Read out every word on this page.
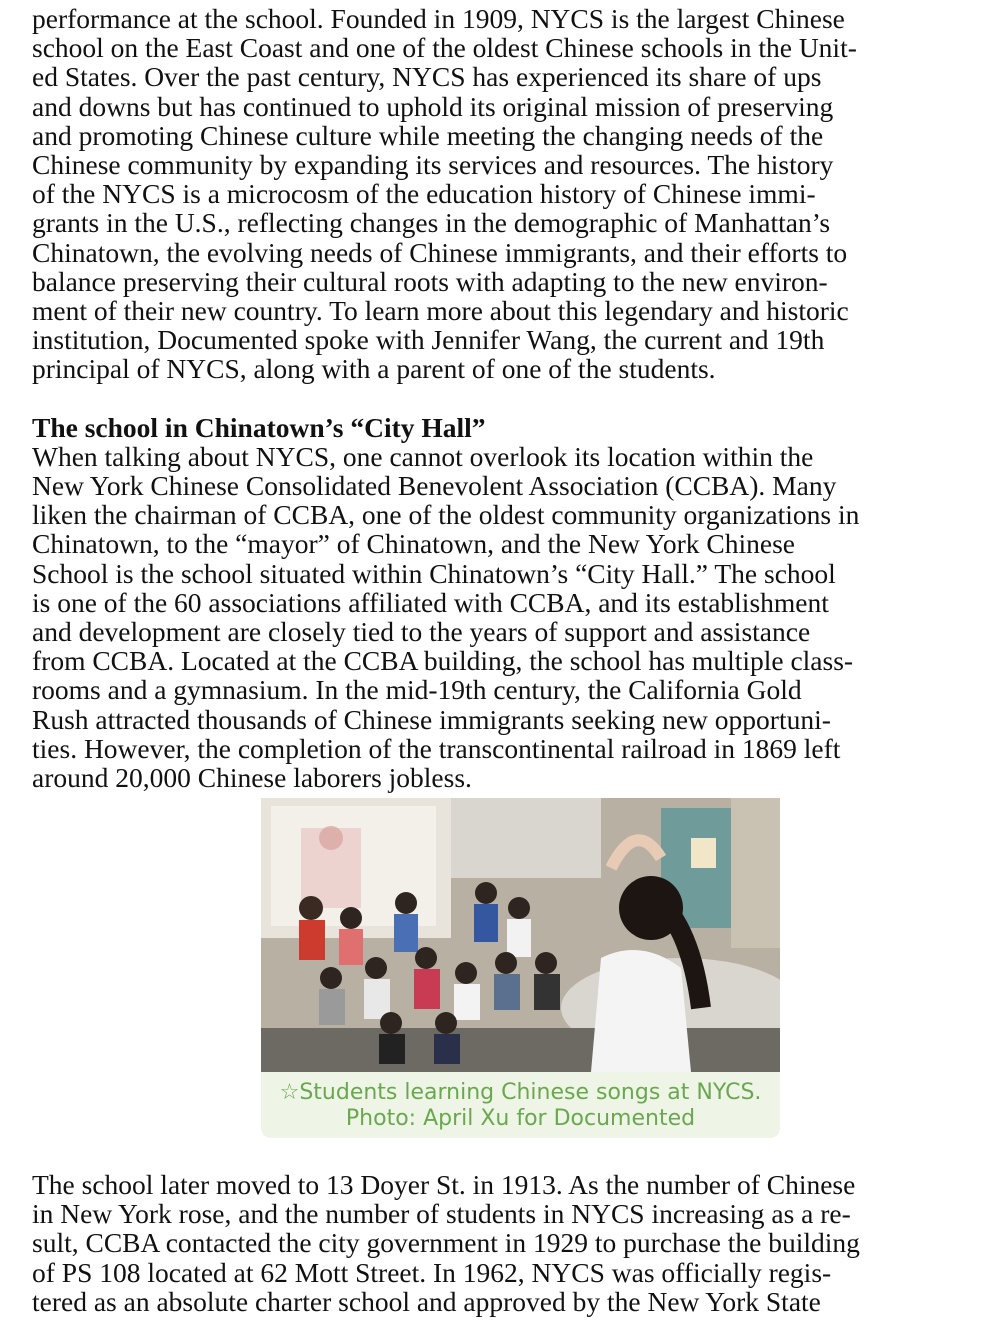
performance at the school. Founded in 1909, NYCS is the largest Chinese
school on the East Coast and one of the oldest Chinese schools in the Unit-
ed States. Over the past century, NYCS has experienced its share of ups
and downs but has continued to uphold its original mission of preserving
and promoting Chinese culture while meeting the changing needs of the
Chinese community by expanding its services and resources. The history
of the NYCS is a microcosm of the education history of Chinese immi-
grants in the U.S., reflecting changes in the demographic of Manhattan’s
Chinatown, the evolving needs of Chinese immigrants, and their efforts to
balance preserving their cultural roots with adapting to the new environ-
ment of their new country. To learn more about this legendary and historic
institution, Documented spoke with Jennifer Wang, the current and 19th
principal of NYCS, along with a parent of one of the students.
The school in Chinatown’s “City Hall”
When talking about NYCS, one cannot overlook its location within the
New York Chinese Consolidated Benevolent Association (CCBA). Many
liken the chairman of CCBA, one of the oldest community organizations in
Chinatown, to the “mayor” of Chinatown, and the New York Chinese
School is the school situated within Chinatown’s “City Hall.” The school
is one of the 60 associations affiliated with CCBA, and its establishment
and development are closely tied to the years of support and assistance
from CCBA. Located at the CCBA building, the school has multiple class-
rooms and a gymnasium. In the mid-19th century, the California Gold
Rush attracted thousands of Chinese immigrants seeking new opportuni-
ties. However, the completion of the transcontinental railroad in 1869 left
around 20,000 Chinese laborers jobless.
☆Students learning Chinese songs at NYCS.
Photo: April Xu for Documented
The school later moved to 13 Doyer St. in 1913. As the number of Chinese
in New York rose, and the number of students in NYCS increasing as a re-
sult, CCBA contacted the city government in 1929 to purchase the building
of PS 108 located at 62 Mott Street. In 1962, NYCS was officially regis-
tered as an absolute charter school and approved by the New York State
